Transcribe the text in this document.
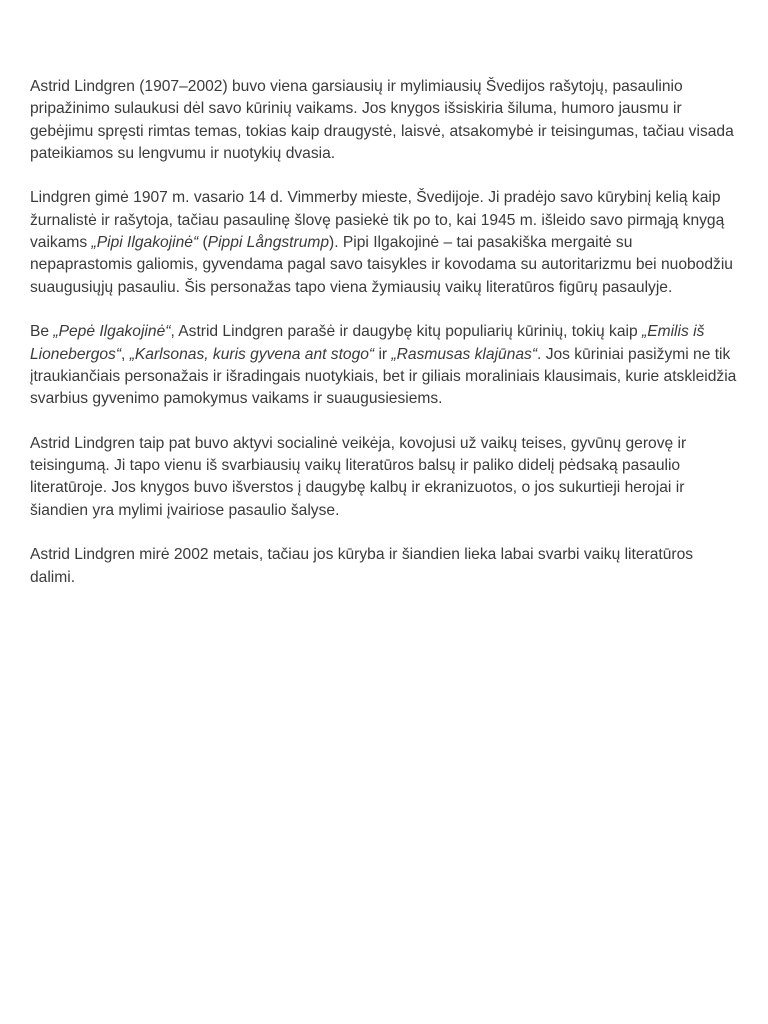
Astrid Lindgren (1907–2002) buvo viena garsiausių ir mylimiausių Švedijos rašytojų, pasaulinio pripažinimo sulaukusi dėl savo kūrinių vaikams. Jos knygos išsiskiria šiluma, humoro jausmu ir gebėjimu spręsti rimtas temas, tokias kaip draugystė, laisvė, atsakomybė ir teisingumas, tačiau visada pateikiamos su lengvumu ir nuotykių dvasia.

Lindgren gimė 1907 m. vasario 14 d. Vimmerby mieste, Švedijoje. Ji pradėjo savo kūrybinį kelią kaip žurnalistė ir rašytoja, tačiau pasaulinę šlovę pasiekė tik po to, kai 1945 m. išleido savo pirmąją knygą vaikams „Pipi Ilgakojinė“ (Pippi Långstrump). Pipi Ilgakojinė – tai pasakiška mergaitė su nepaprastomis galiomis, gyvendama pagal savo taisykles ir kovodama su autoritarizmu bei nuobodžiu suaugusiųjų pasauliu. Šis personažas tapo viena žymiausių vaikų literatūros figūrų pasaulyje.

Be „Pepė Ilgakojinė“, Astrid Lindgren parašė ir daugybę kitų populiarių kūrinių, tokių kaip „Emilis iš Lionebergos“, „Karlsonas, kuris gyvena ant stogo“ ir „Rasmusas klajūnas“. Jos kūriniai pasižymi ne tik įtraukiančiais personažais ir išradingais nuotykiais, bet ir giliais moraliniais klausimais, kurie atskleidžia svarbius gyvenimo pamokymus vaikams ir suaugusiesiems.

Astrid Lindgren taip pat buvo aktyvi socialinė veikėja, kovojusi už vaikų teises, gyvūnų gerovę ir teisingumą. Ji tapo vienu iš svarbiausių vaikų literatūros balsų ir paliko didelį pėdsaką pasaulio literatūroje. Jos knygos buvo išverstos į daugybę kalbų ir ekranizuotos, o jos sukurtieji herojai ir šiandien yra mylimi įvairiose pasaulio šalyse.

Astrid Lindgren mirė 2002 metais, tačiau jos kūryba ir šiandien lieka labai svarbi vaikų literatūros dalimi.
